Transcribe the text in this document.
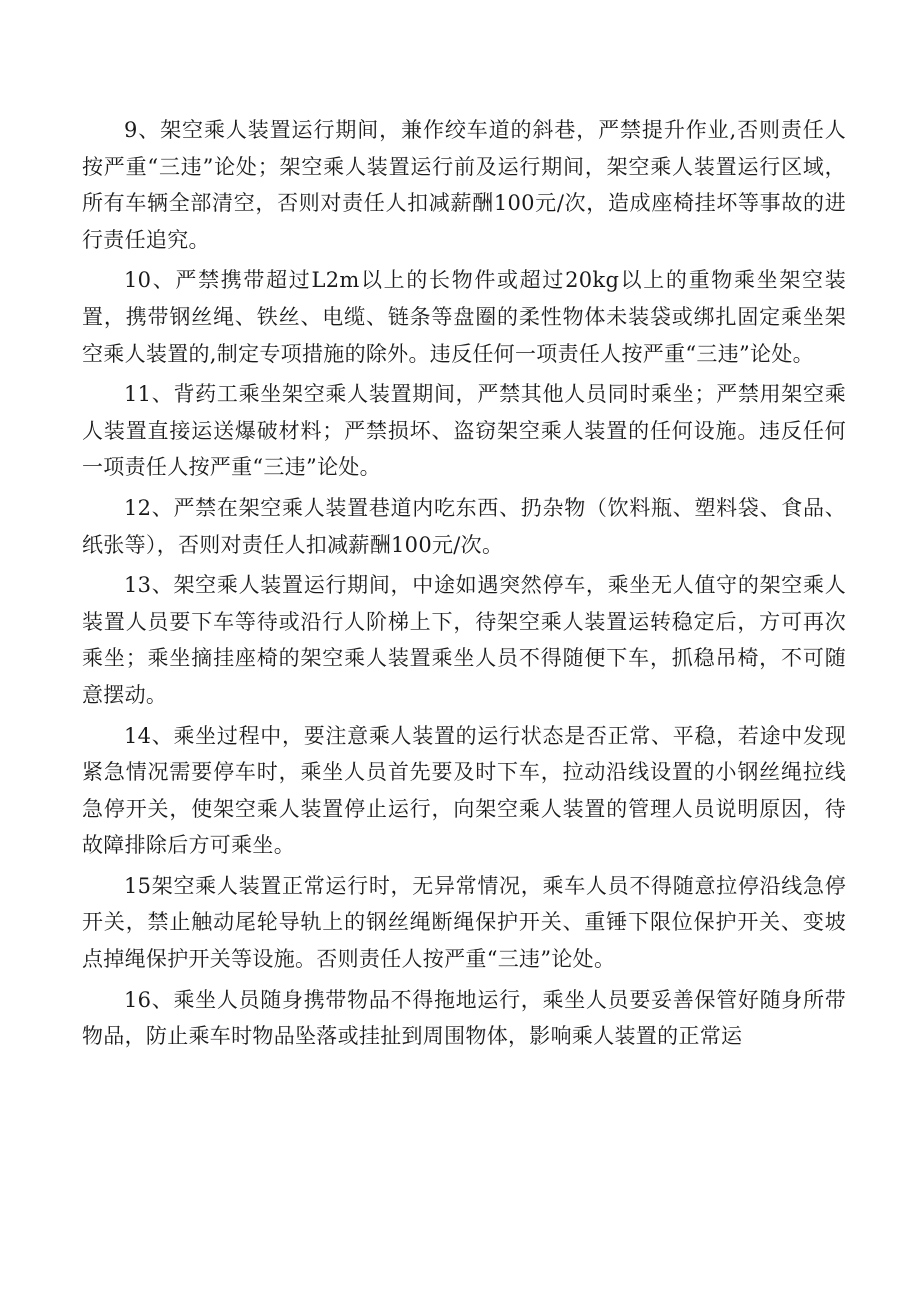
9、架空乘人装置运行期间，兼作绞车道的斜巷，严禁提升作业,否则责任人按严重“三违”论处；架空乘人装置运行前及运行期间，架空乘人装置运行区域，所有车辆全部清空，否则对责任人扣减薪酬100元/次，造成座椅挂坏等事故的进行责任追究。

10、严禁携带超过L2m以上的长物件或超过20kg以上的重物乘坐架空装置，携带钢丝绳、铁丝、电缆、链条等盘圈的柔性物体未装袋或绑扎固定乘坐架空乘人装置的,制定专项措施的除外。违反任何一项责任人按严重“三违”论处。

11、背药工乘坐架空乘人装置期间，严禁其他人员同时乘坐；严禁用架空乘人装置直接运送爆破材料；严禁损坏、盗窃架空乘人装置的任何设施。违反任何一项责任人按严重“三违”论处。

12、严禁在架空乘人装置巷道内吃东西、扔杂物（饮料瓶、塑料袋、食品、纸张等），否则对责任人扣减薪酬100元/次。

13、架空乘人装置运行期间，中途如遇突然停车，乘坐无人值守的架空乘人装置人员要下车等待或沿行人阶梯上下，待架空乘人装置运转稳定后，方可再次乘坐；乘坐摘挂座椅的架空乘人装置乘坐人员不得随便下车，抓稳吊椅，不可随意摆动。

14、乘坐过程中，要注意乘人装置的运行状态是否正常、平稳，若途中发现紧急情况需要停车时，乘坐人员首先要及时下车，拉动沿线设置的小钢丝绳拉线急停开关，使架空乘人装置停止运行，向架空乘人装置的管理人员说明原因，待故障排除后方可乘坐。

15架空乘人装置正常运行时，无异常情况，乘车人员不得随意拉停沿线急停开关，禁止触动尾轮导轨上的钢丝绳断绳保护开关、重锤下限位保护开关、变坡点掉绳保护开关等设施。否则责任人按严重“三违”论处。

16、乘坐人员随身携带物品不得拖地运行，乘坐人员要妥善保管好随身所带物品，防止乘车时物品坠落或挂扯到周围物体，影响乘人装置的正常运
